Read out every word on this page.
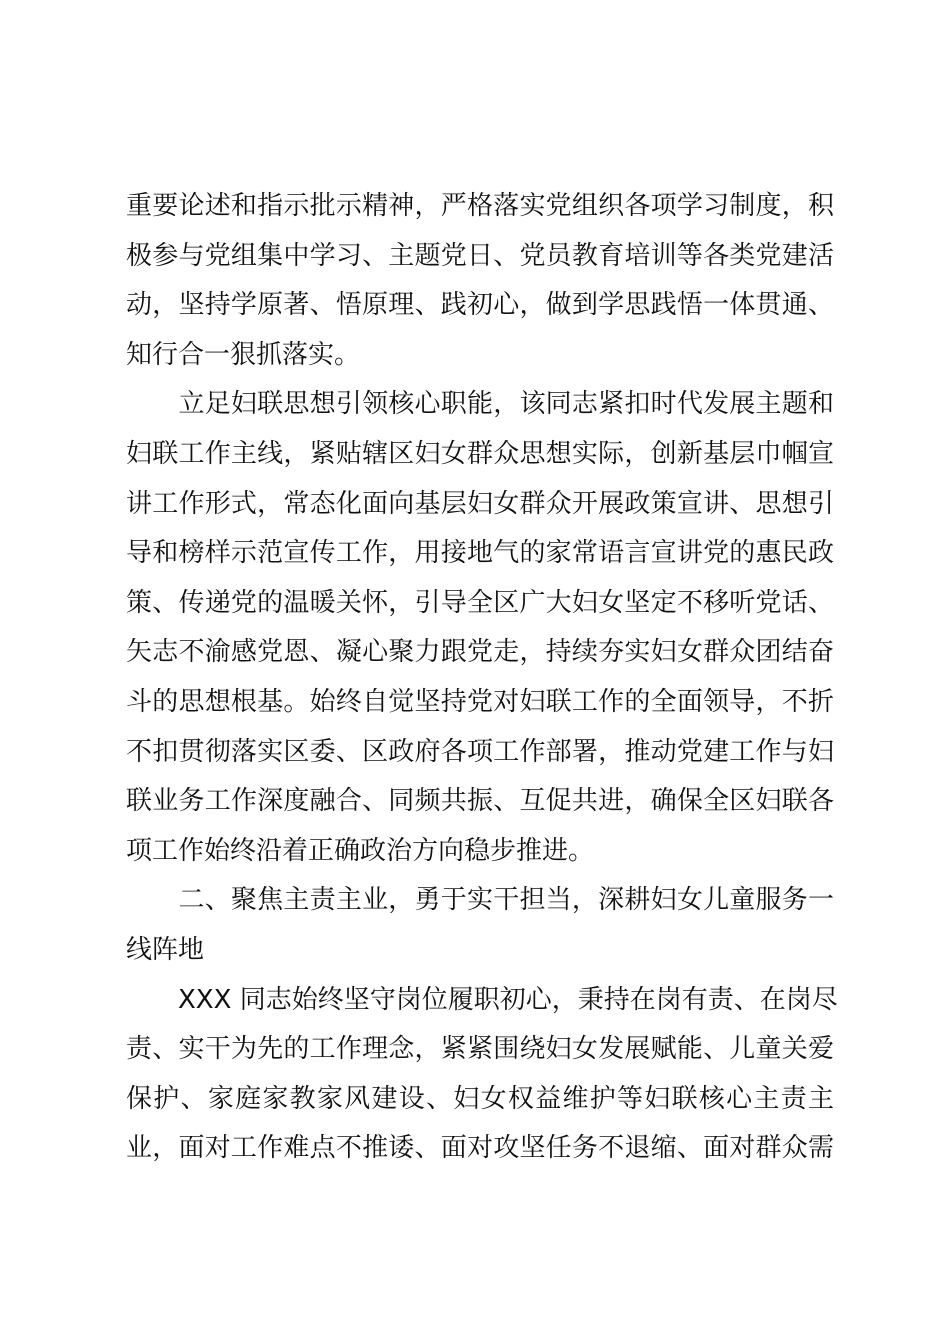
重要论述和指示批示精神，严格落实党组织各项学习制度，积
极参与党组集中学习、主题党日、党员教育培训等各类党建活
动，坚持学原著、悟原理、践初心，做到学思践悟一体贯通、
知行合一狠抓落实。
　　立足妇联思想引领核心职能，该同志紧扣时代发展主题和
妇联工作主线，紧贴辖区妇女群众思想实际，创新基层巾帼宣
讲工作形式，常态化面向基层妇女群众开展政策宣讲、思想引
导和榜样示范宣传工作，用接地气的家常语言宣讲党的惠民政
策、传递党的温暖关怀，引导全区广大妇女坚定不移听党话、
矢志不渝感党恩、凝心聚力跟党走，持续夯实妇女群众团结奋
斗的思想根基。始终自觉坚持党对妇联工作的全面领导，不折
不扣贯彻落实区委、区政府各项工作部署，推动党建工作与妇
联业务工作深度融合、同频共振、互促共进，确保全区妇联各
项工作始终沿着正确政治方向稳步推进。
　　二、聚焦主责主业，勇于实干担当，深耕妇女儿童服务一
线阵地
　　XXX 同志始终坚守岗位履职初心，秉持在岗有责、在岗尽
责、实干为先的工作理念，紧紧围绕妇女发展赋能、儿童关爱
保护、家庭家教家风建设、妇女权益维护等妇联核心主责主
业，面对工作难点不推诿、面对攻坚任务不退缩、面对群众需
